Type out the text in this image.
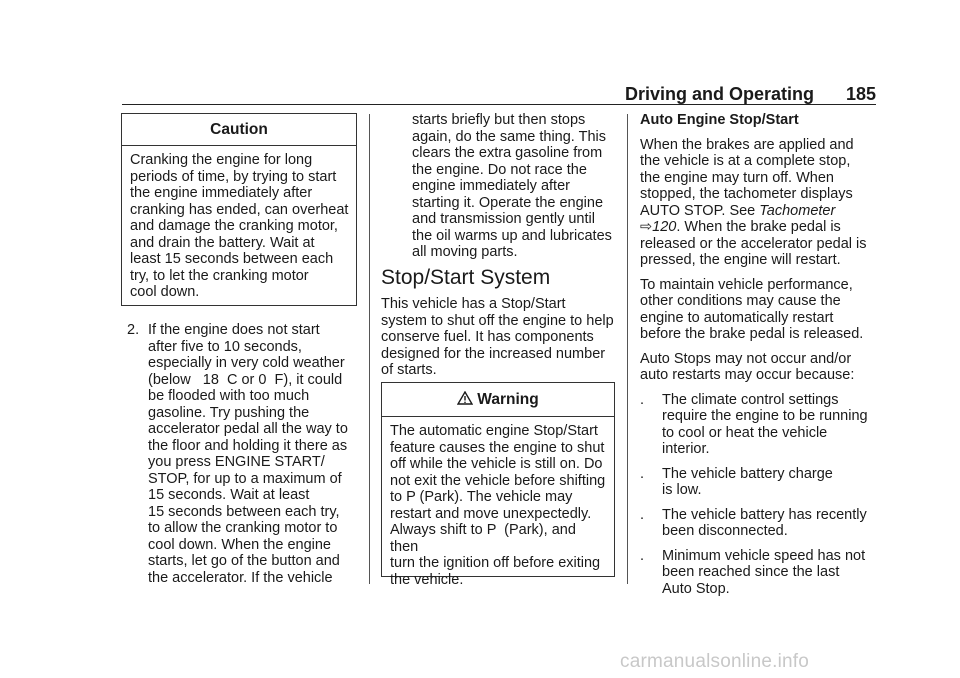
Driving and Operating 185
Caution
Cranking the engine for long
periods of time, by trying to start
the engine immediately after
cranking has ended, can overheat
and damage the cranking motor,
and drain the battery. Wait at
least 15 seconds between each
try, to let the cranking motor
cool down.
2. If the engine does not start
after five to 10 seconds,
especially in very cold weather
(below   18  C or 0  F), it could
be flooded with too much
gasoline. Try pushing the
accelerator pedal all the way to
the floor and holding it there as
you press ENGINE START/
STOP, for up to a maximum of
15 seconds. Wait at least
15 seconds between each try,
to allow the cranking motor to
cool down. When the engine
starts, let go of the button and
the accelerator. If the vehicle
starts briefly but then stops
again, do the same thing. This
clears the extra gasoline from
the engine. Do not race the
engine immediately after
starting it. Operate the engine
and transmission gently until
the oil warms up and lubricates
all moving parts.
Stop/Start System
This vehicle has a Stop/Start
system to shut off the engine to help
conserve fuel. It has components
designed for the increased number
of starts.
Warning
The automatic engine Stop/Start
feature causes the engine to shut
off while the vehicle is still on. Do
not exit the vehicle before shifting
to P (Park). The vehicle may
restart and move unexpectedly.
Always shift to P  (Park), and then
turn the ignition off before exiting
the vehicle.
Auto Engine Stop/Start
When the brakes are applied and
the vehicle is at a complete stop,
the engine may turn off. When
stopped, the tachometer displays
AUTO STOP. See Tachometer
⇨120. When the brake pedal is
released or the accelerator pedal is
pressed, the engine will restart.
To maintain vehicle performance,
other conditions may cause the
engine to automatically restart
before the brake pedal is released.
Auto Stops may not occur and/or
auto restarts may occur because:
. The climate control settings
require the engine to be running
to cool or heat the vehicle
interior.
. The vehicle battery charge
is low.
. The vehicle battery has recently
been disconnected.
. Minimum vehicle speed has not
been reached since the last
Auto Stop.
carmanualsonline.info
